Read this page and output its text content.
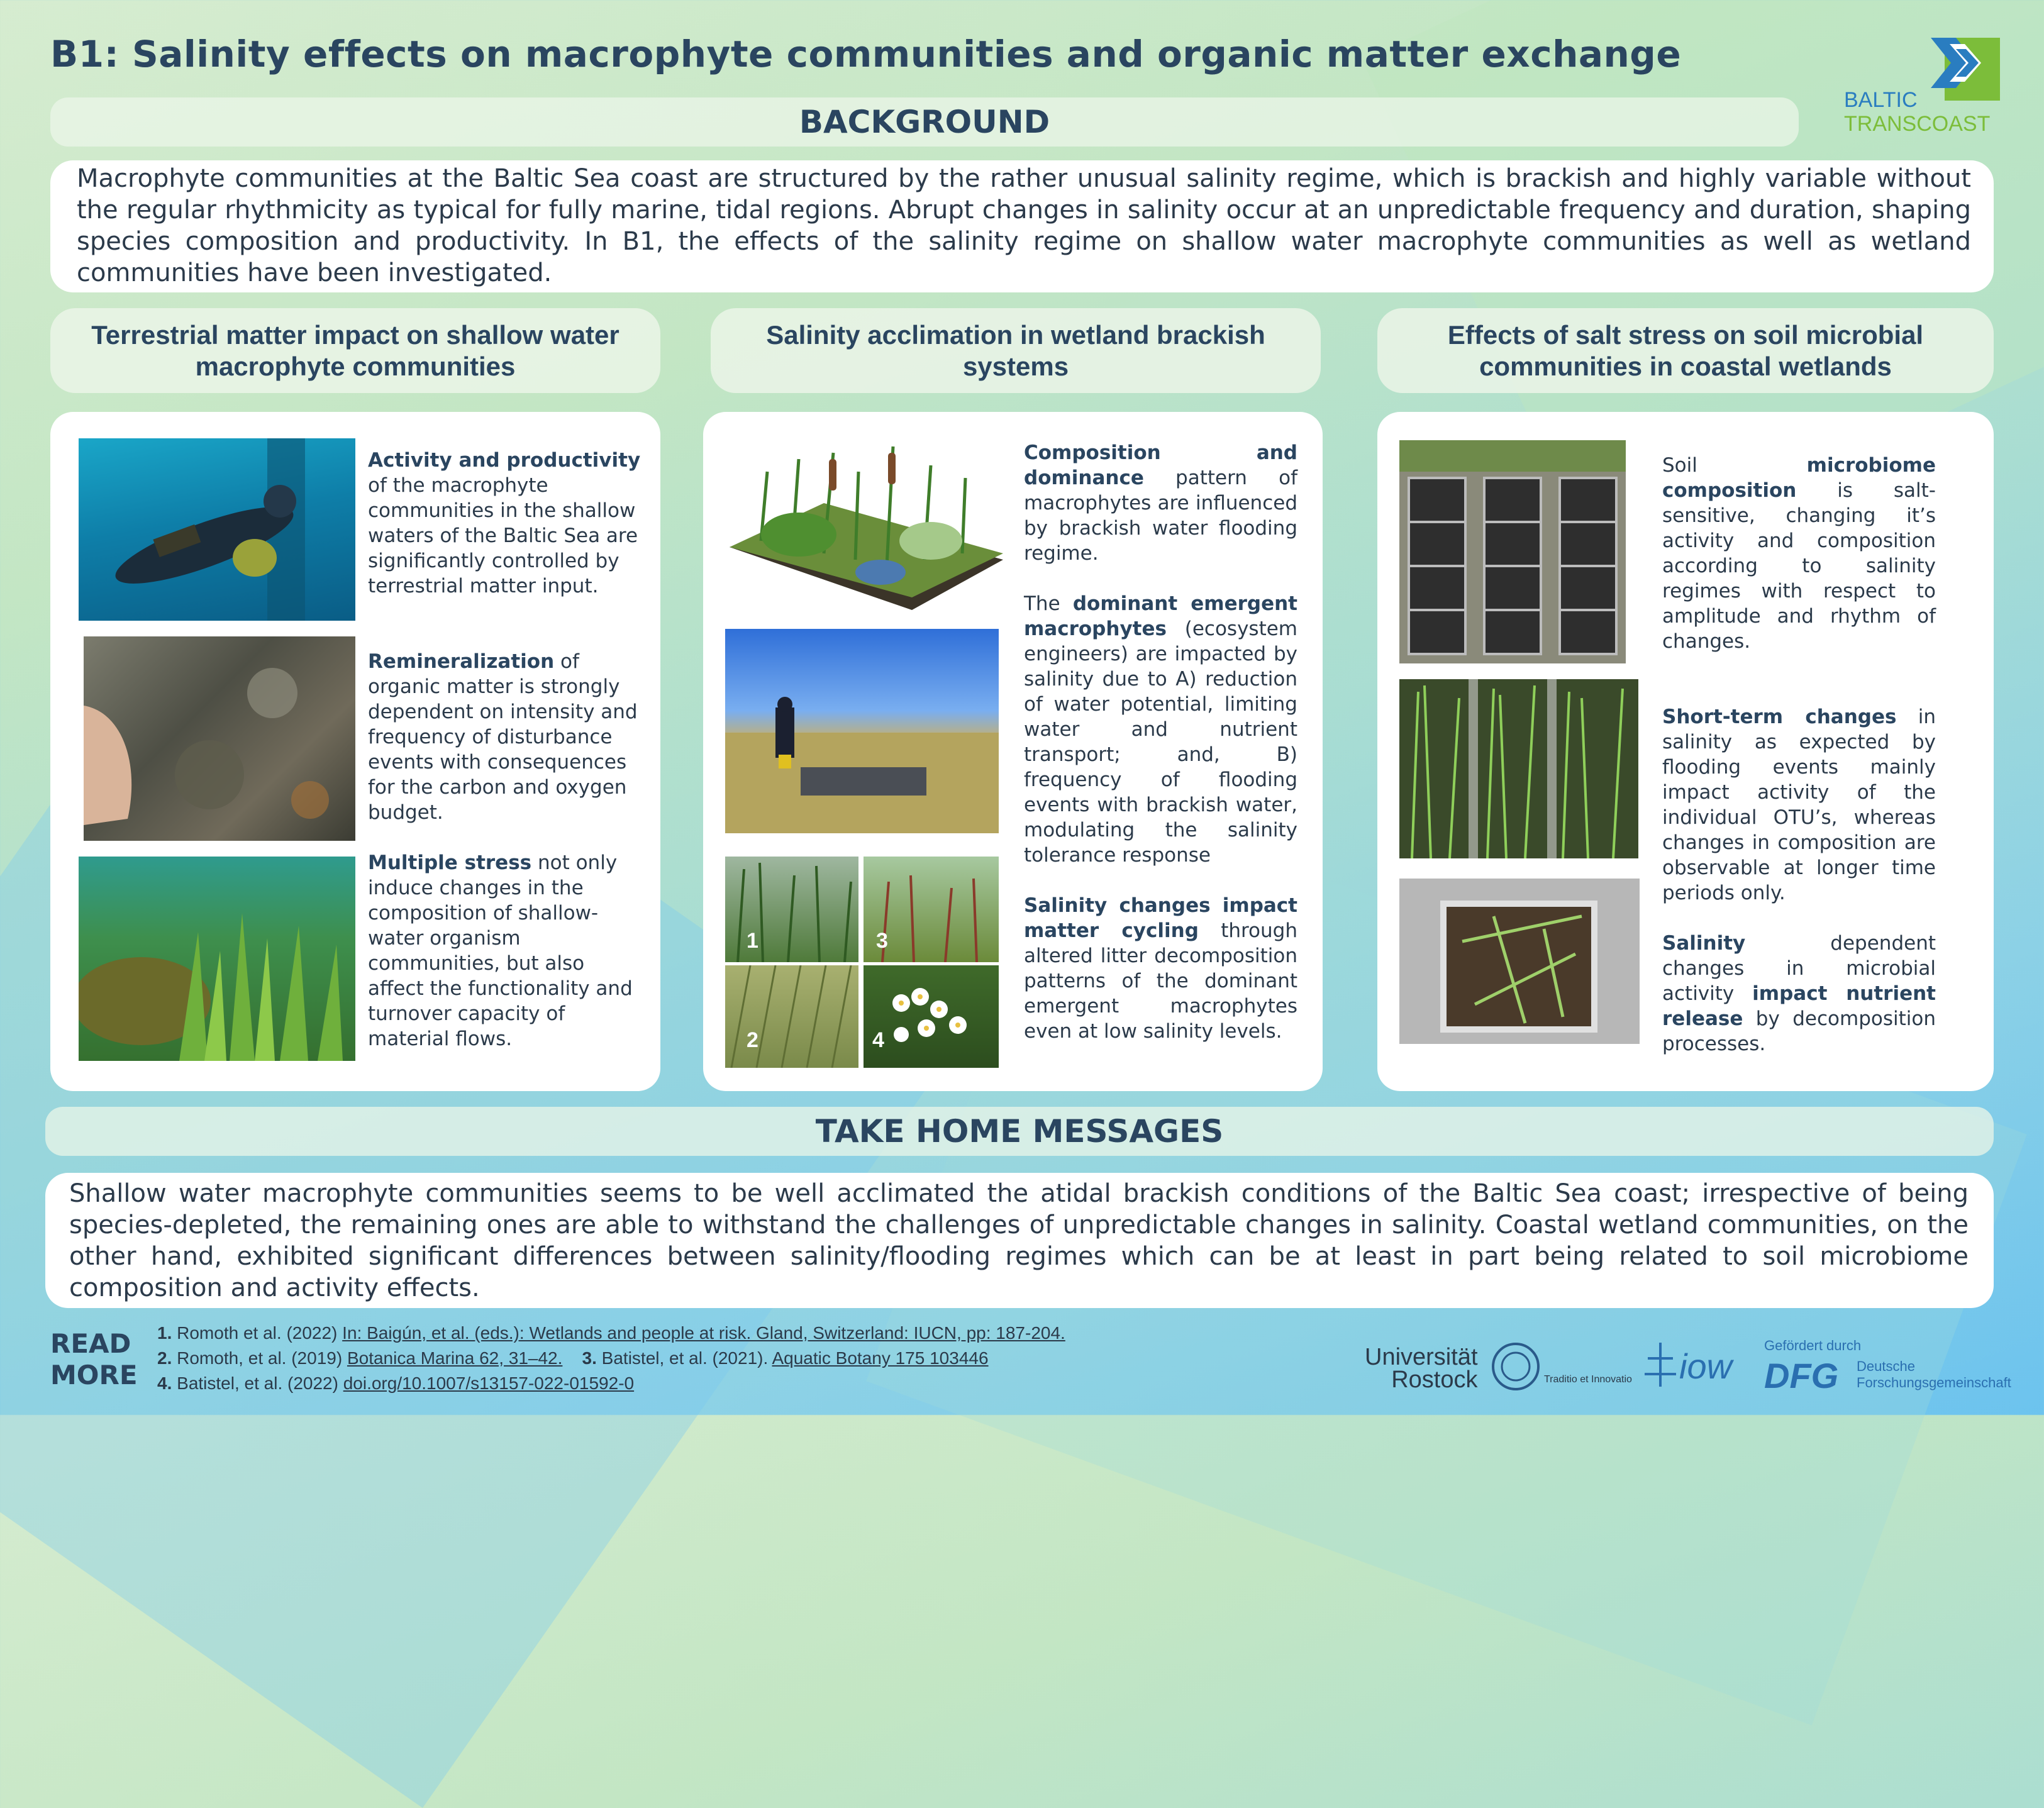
B1: Salinity effects on macrophyte communities and organic matter exchange
BALTIC
TRANSCOAST
BACKGROUND
Macrophyte communities at the Baltic Sea coast are structured by the rather unusual salinity regime, which is brackish and highly variable without the regular rhythmicity as typical for fully marine, tidal regions. Abrupt changes in salinity occur at an unpredictable frequency and duration, shaping species composition and productivity. In B1, the effects of the salinity regime on shallow water macrophyte communities as well as wetland communities have been investigated.
Terrestrial matter impact on shallow water macrophyte communities
Salinity acclimation in wetland brackish systems
Effects of salt stress on soil microbial communities in coastal wetlands

Activity and productivity of the macrophyte communities in the shallow waters of the Baltic Sea are significantly controlled by terrestrial matter input.

Remineralization of organic matter is strongly dependent on intensity and frequency of disturbance events with consequences for the carbon and oxygen budget.

Multiple stress not only induce changes in the composition of shallow-water organism communities, but also affect the functionality and turnover capacity of material flows.

1	3
2	4

Composition and dominance pattern of macrophytes are influenced by brackish water flooding regime.

The dominant emergent macrophytes (ecosystem engineers) are impacted by salinity due to A) reduction of water potential, limiting water and nutrient transport; and, B) frequency of flooding events with brackish water, modulating the salinity tolerance response

Salinity changes impact matter cycling through altered litter decomposition patterns of the dominant emergent macrophytes even at low salinity levels.

Soil microbiome composition is salt-sensitive, changing it’s activity and composition according to salinity regimes with respect to amplitude and rhythm of changes.

Short-term changes in salinity as expected by flooding events mainly impact activity of the individual OTU’s, whereas changes in composition are observable at longer time periods only.

Salinity dependent changes in microbial activity impact nutrient release by decomposition processes.

TAKE HOME MESSAGES
Shallow water macrophyte communities seems to be well acclimated the atidal brackish conditions of the Baltic Sea coast; irrespective of being species-depleted, the remaining ones are able to withstand the challenges of unpredictable changes in salinity. Coastal wetland communities, on the other hand, exhibited significant differences between salinity/flooding regimes which can be at least in part being related to soil microbiome composition and activity effects.
READ
MORE
1. Romoth et al. (2022) In: Baigún, et al. (eds.): Wetlands and people at risk. Gland, Switzerland: IUCN, pp: 187-204.
2. Romoth, et al. (2019) Botanica Marina 62, 31–42. 3. Batistel, et al. (2021). Aquatic Botany 175 103446
4. Batistel, et al. (2022) doi.org/10.1007/s13157-022-01592-0
Universität
Rostock	Traditio et Innovatio iow
Gefördert durch
DFG Deutsche
Forschungsgemeinschaft
